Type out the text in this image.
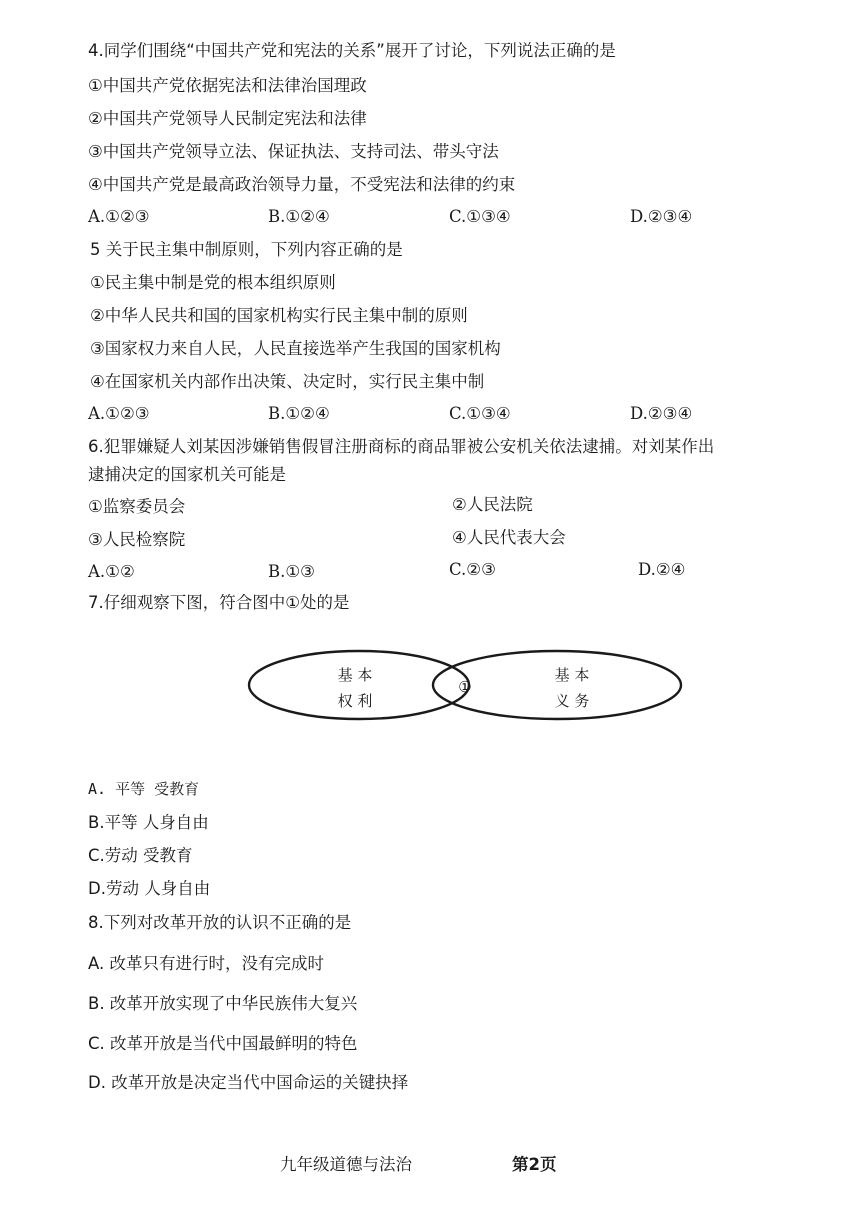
4.同学们围绕“中国共产党和宪法的关系”展开了讨论，下列说法正确的是
①中国共产党依据宪法和法律治国理政
②中国共产党领导人民制定宪法和法律
③中国共产党领导立法、保证执法、支持司法、带头守法
④中国共产党是最高政治领导力量，不受宪法和法律的约束
A.①②③	B.①②④	C.①③④	D.②③④
5 关于民主集中制原则，下列内容正确的是
①民主集中制是党的根本组织原则
②中华人民共和国的国家机构实行民主集中制的原则
③国家权力来自人民，人民直接选举产生我国的国家机构
④在国家机关内部作出决策、决定时，实行民主集中制
A.①②③	B.①②④	C.①③④	D.②③④
6.犯罪嫌疑人刘某因涉嫌销售假冒注册商标的商品罪被公安机关依法逮捕。对刘某作出
逮捕决定的国家机关可能是
①监察委员会	②人民法院
③人民检察院	④人民代表大会
A.①②	B.①③	C.②③	D.②④
7.仔细观察下图，符合图中①处的是
基 本
权 利
①
基 本
义 务
A. 平等 受教育
B.平等 人身自由
C.劳动 受教育
D.劳动 人身自由
8.下列对改革开放的认识不正确的是
A. 改革只有进行时，没有完成时
B. 改革开放实现了中华民族伟大复兴
C. 改革开放是当代中国最鲜明的特色
D. 改革开放是决定当代中国命运的关键抉择
九年级道德与法治	第2页
